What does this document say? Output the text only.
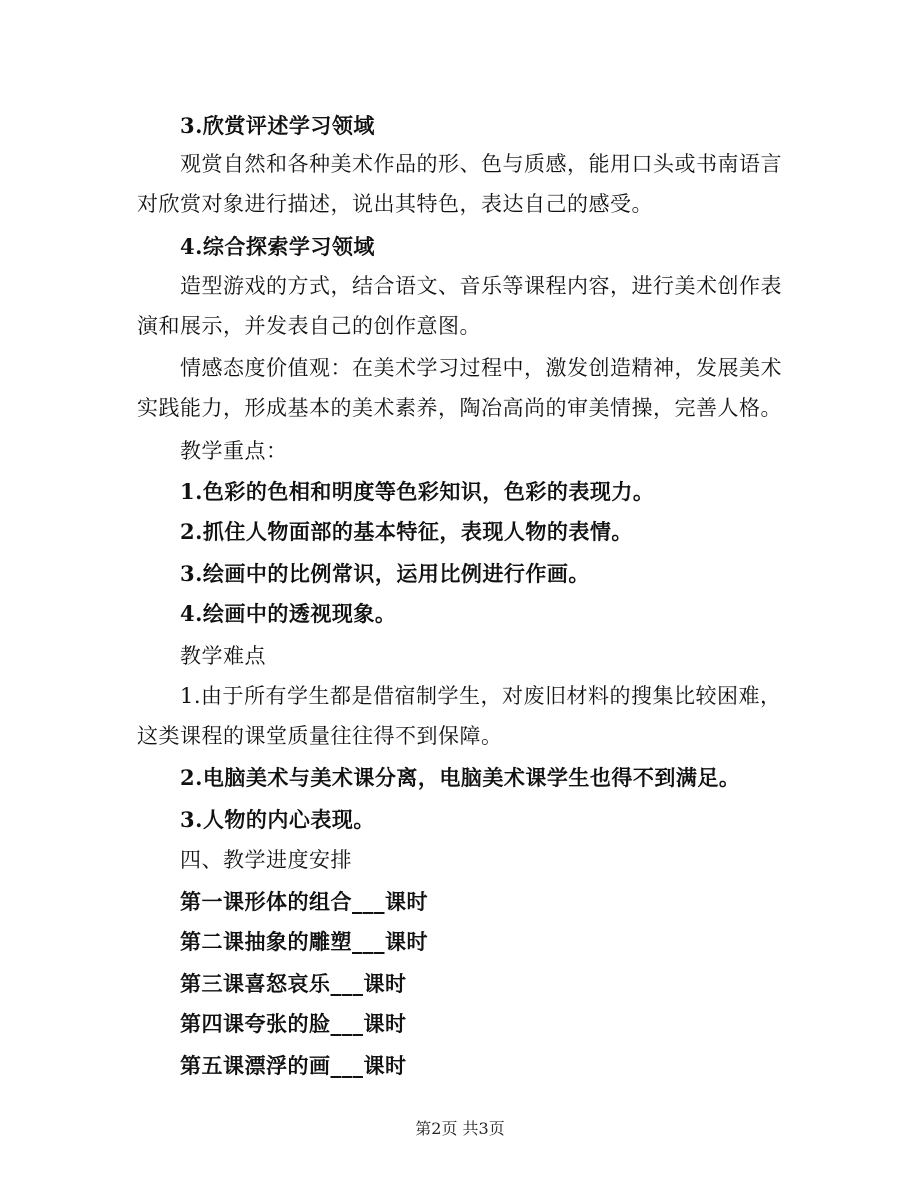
3.欣赏评述学习领域
观赏自然和各种美术作品的形、色与质感，能用口头或书南语言
对欣赏对象进行描述，说出其特色，表达自己的感受。
4.综合探索学习领域
造型游戏的方式，结合语文、音乐等课程内容，进行美术创作表
演和展示，并发表自己的创作意图。
情感态度价值观：在美术学习过程中，激发创造精神，发展美术
实践能力，形成基本的美术素养，陶冶高尚的审美情操，完善人格。
教学重点：
1.色彩的色相和明度等色彩知识，色彩的表现力。
2.抓住人物面部的基本特征，表现人物的表情。
3.绘画中的比例常识，运用比例进行作画。
4.绘画中的透视现象。
教学难点
1.由于所有学生都是借宿制学生，对废旧材料的搜集比较困难，
这类课程的课堂质量往往得不到保障。
2.电脑美术与美术课分离，电脑美术课学生也得不到满足。
3.人物的内心表现。
四、教学进度安排
第一课形体的组合___课时
第二课抽象的雕塑___课时
第三课喜怒哀乐___课时
第四课夸张的脸___课时
第五课漂浮的画___课时
第2页 共3页
